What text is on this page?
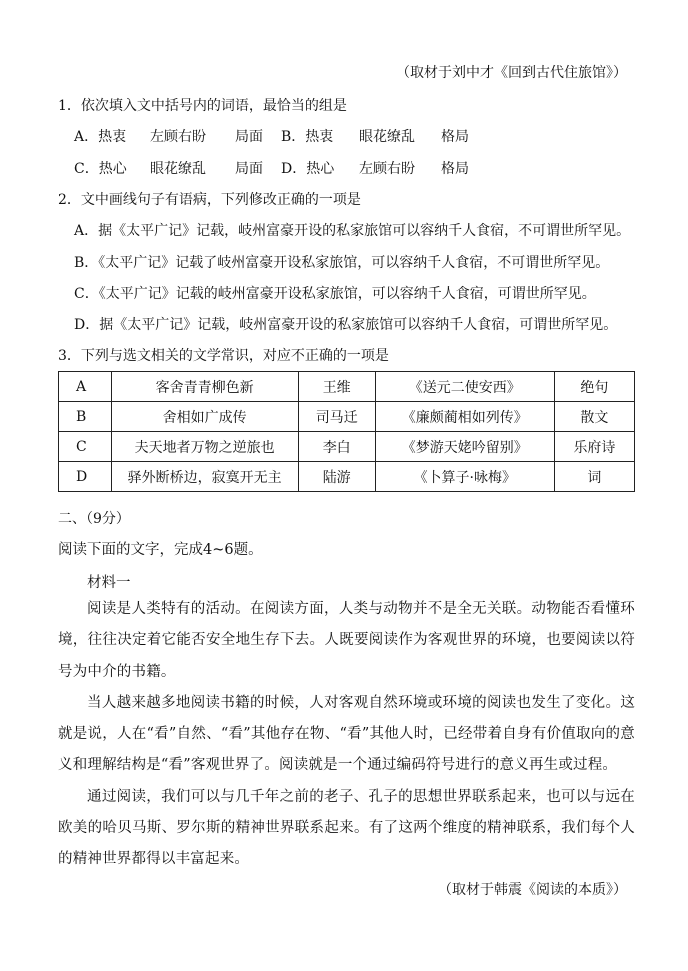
（取材于刘中才《回到古代住旅馆》）
1．依次填入文中括号内的词语，最恰当的组是
A．热衷 左顾右盼 局面 B．热衷 眼花缭乱 格局
C．热心 眼花缭乱 局面 D．热心 左顾右盼 格局
2．文中画线句子有语病，下列修改正确的一项是
A．据《太平广记》记载，岐州富豪开设的私家旅馆可以容纳千人食宿，不可谓世所罕见。
B．《太平广记》记载了岐州富豪开设私家旅馆，可以容纳千人食宿，不可谓世所罕见。
C．《太平广记》记载的岐州富豪开设私家旅馆，可以容纳千人食宿，可谓世所罕见。
D．据《太平广记》记载，岐州富豪开设的私家旅馆可以容纳千人食宿，可谓世所罕见。
3．下列与选文相关的文学常识，对应不正确的一项是
A	客舍青青柳色新	王维	《送元二使安西》	绝句
B	舍相如广成传	司马迁	《廉颇蔺相如列传》	散文
C	夫天地者万物之逆旅也	李白	《梦游天姥吟留别》	乐府诗
D	驿外断桥边，寂寞开无主	陆游	《卜算子·咏梅》	词
二、（9分）
阅读下面的文字，完成4~6题。
材料一

阅读是人类特有的活动。在阅读方面，人类与动物并不是全无关联。动物能否看懂环境，往往决定着它能否安全地生存下去。人既要阅读作为客观世界的环境，也要阅读以符号为中介的书籍。

当人越来越多地阅读书籍的时候，人对客观自然环境或环境的阅读也发生了变化。这就是说，人在“看”自然、“看”其他存在物、“看”其他人时，已经带着自身有价值取向的意义和理解结构是“看”客观世界了。阅读就是一个通过编码符号进行的意义再生或过程。

通过阅读，我们可以与几千年之前的老子、孔子的思想世界联系起来，也可以与远在欧美的哈贝马斯、罗尔斯的精神世界联系起来。有了这两个维度的精神联系，我们每个人的精神世界都得以丰富起来。

（取材于韩震《阅读的本质》）
